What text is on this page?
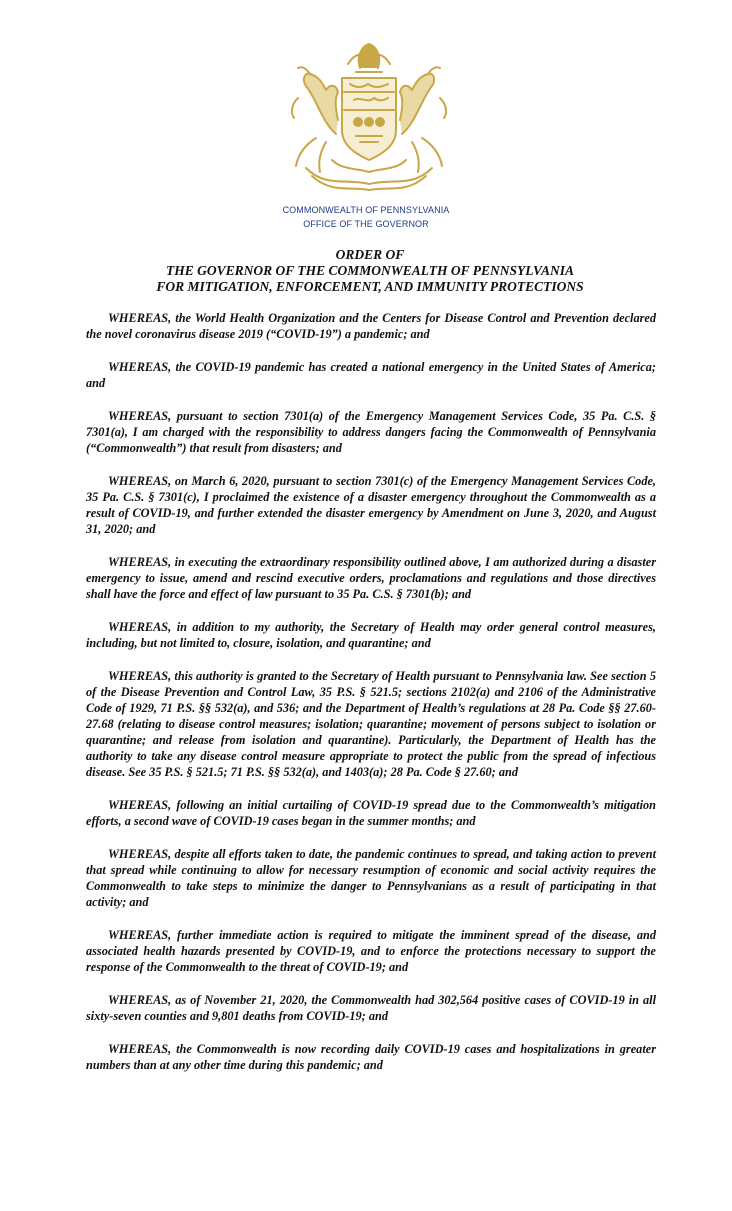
COMMONWEALTH OF PENNSYLVANIA
OFFICE OF THE GOVERNOR
ORDER OF
THE GOVERNOR OF THE COMMONWEALTH OF PENNSYLVANIA
FOR MITIGATION, ENFORCEMENT, AND IMMUNITY PROTECTIONS

WHEREAS, the World Health Organization and the Centers for Disease Control and Prevention declared the novel coronavirus disease 2019 (“COVID-19”) a pandemic; and

WHEREAS, the COVID-19 pandemic has created a national emergency in the United States of America; and

WHEREAS, pursuant to section 7301(a) of the Emergency Management Services Code, 35 Pa. C.S. § 7301(a), I am charged with the responsibility to address dangers facing the Commonwealth of Pennsylvania (“Commonwealth”) that result from disasters; and

WHEREAS, on March 6, 2020, pursuant to section 7301(c) of the Emergency Management Services Code, 35 Pa. C.S. § 7301(c), I proclaimed the existence of a disaster emergency throughout the Commonwealth as a result of COVID-19, and further extended the disaster emergency by Amendment on June 3, 2020, and August 31, 2020; and

WHEREAS, in executing the extraordinary responsibility outlined above, I am authorized during a disaster emergency to issue, amend and rescind executive orders, proclamations and regulations and those directives shall have the force and effect of law pursuant to 35 Pa. C.S. § 7301(b); and

WHEREAS, in addition to my authority, the Secretary of Health may order general control measures, including, but not limited to, closure, isolation, and quarantine; and

WHEREAS, this authority is granted to the Secretary of Health pursuant to Pennsylvania law. See section 5 of the Disease Prevention and Control Law, 35 P.S. § 521.5; sections 2102(a) and 2106 of the Administrative Code of 1929, 71 P.S. §§ 532(a), and 536; and the Department of Health’s regulations at 28 Pa. Code §§ 27.60-27.68 (relating to disease control measures; isolation; quarantine; movement of persons subject to isolation or quarantine; and release from isolation and quarantine). Particularly, the Department of Health has the authority to take any disease control measure appropriate to protect the public from the spread of infectious disease. See 35 P.S. § 521.5; 71 P.S. §§ 532(a), and 1403(a); 28 Pa. Code § 27.60; and

WHEREAS, following an initial curtailing of COVID-19 spread due to the Commonwealth’s mitigation efforts, a second wave of COVID-19 cases began in the summer months; and

WHEREAS, despite all efforts taken to date, the pandemic continues to spread, and taking action to prevent that spread while continuing to allow for necessary resumption of economic and social activity requires the Commonwealth to take steps to minimize the danger to Pennsylvanians as a result of participating in that activity; and

WHEREAS, further immediate action is required to mitigate the imminent spread of the disease, and associated health hazards presented by COVID-19, and to enforce the protections necessary to support the response of the Commonwealth to the threat of COVID-19; and

WHEREAS, as of November 21, 2020, the Commonwealth had 302,564 positive cases of COVID-19 in all sixty-seven counties and 9,801 deaths from COVID-19; and

WHEREAS, the Commonwealth is now recording daily COVID-19 cases and hospitalizations in greater numbers than at any other time during this pandemic; and
